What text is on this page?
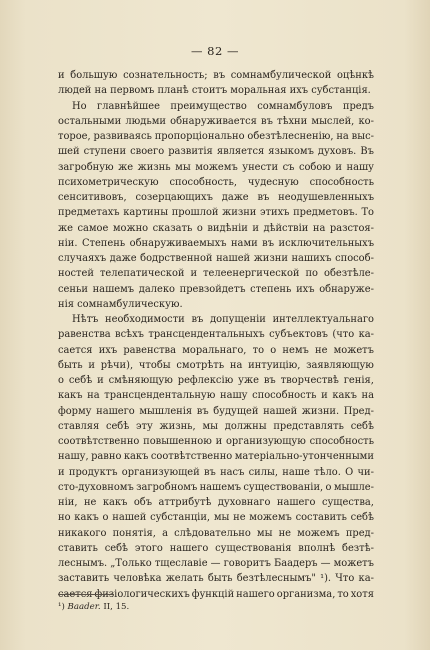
— 82 —
и большую сознательность; въ сомнамбулической оцѣнкѣ
людей на первомъ планѣ стоитъ моральная ихъ субстанція.
Но главнѣйшее преимущество сомнамбуловъ предъ
остальными людьми обнаруживается въ тѣхни мыслей, ко-
торое, развиваясь пропорціонально обезтѣлесненію, на выс-
шей ступени своего развитія является языкомъ духовъ. Въ
загробную же жизнь мы можемъ унести съ собою и нашу
психометрическую способность, чудесную способность
сенситивовъ, созерцающихъ даже въ неодушевленныхъ
предметахъ картины прошлой жизни этихъ предметовъ. То
же самое можно сказать о видѣніи и дѣйствіи на разстоя-
ніи. Степень обнаруживаемыхъ нами въ исключительныхъ
случаяхъ даже бодрственной нашей жизни нашихъ способ-
ностей телепатической и телеенергической по обезтѣле-
сеньи нашемъ далеко превзойдетъ степень ихъ обнаруже-
нія сомнамбулическую.
Нѣтъ необходимости въ допущеніи интеллектуальнаго
равенства всѣхъ трансцендентальныхъ субъектовъ (что ка-
сается ихъ равенства моральнаго, то о немъ не можетъ
быть и рѣчи), чтобы смотрѣть на интуицію, заявляющую
о себѣ и смѣняющую рефлексію уже въ творчествѣ генія,
какъ на трансцендентальную нашу способность и какъ на
форму нашего мышленія въ будущей нашей жизни. Пред-
ставляя себѣ эту жизнь, мы должны представлять себѣ
соотвѣтственно повышенною и организующую способность
нашу, равно какъ соотвѣтственно матеріально-утонченными
и продуктъ организующей въ насъ силы, наше тѣло. О чи-
сто-духовномъ загробномъ нашемъ существованіи, о мышле-
ніи, не какъ объ аттрибутѣ духовнаго нашего существа,
но какъ о нашей субстанціи, мы не можемъ составить себѣ
никакого понятія, а слѣдовательно мы не можемъ пред-
ставить себѣ этого нашего существованія вполнѣ безтѣ-
леснымъ. „Только тщеславіе — говоритъ Баадеръ — можетъ
заставить человѣка желать быть безтѣлеснымъ" ¹). Что ка-
сается физіологическихъ функцій нашего организма, то хотя
¹) Baader. II, 15.
